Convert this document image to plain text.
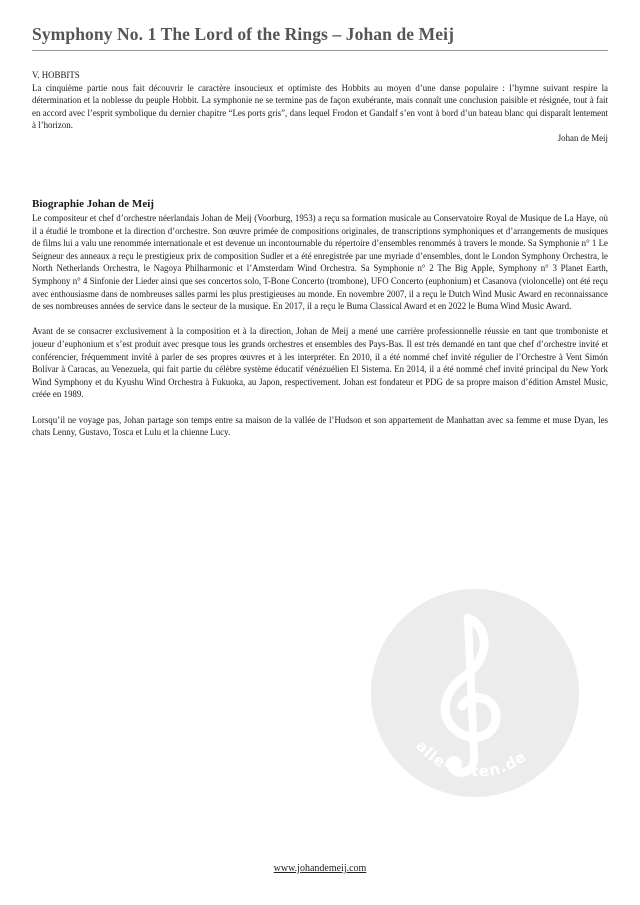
Symphony No. 1 The Lord of the Rings – Johan de Meij

V. HOBBITS

La cinquième partie nous fait découvrir le caractère insoucieux et optimiste des Hobbits au moyen d’une danse populaire : l’hymne suivant respire la détermination et la noblesse du peuple Hobbit. La symphonie ne se termine pas de façon exubérante, mais connaît une conclusion paisible et résignée, tout à fait en accord avec l’esprit symbolique du dernier chapitre “Les ports gris”, dans lequel Frodon et Gandalf s’en vont à bord d’un bateau blanc qui disparaît lentement à l’horizon.

Johan de Meij

Biographie Johan de Meij

Le compositeur et chef d’orchestre néerlandais Johan de Meij (Voorburg, 1953) a reçu sa formation musicale au Conservatoire Royal de Musique de La Haye, où il a étudié le trombone et la direction d’orchestre. Son œuvre primée de compositions originales, de transcriptions symphoniques et d’arrangements de musiques de films lui a valu une renommée internationale et est devenue un incontournable du répertoire d’ensembles renommés à travers le monde. Sa Symphonie n° 1 Le Seigneur des anneaux a reçu le prestigieux prix de composition Sudler et a été enregistrée par une myriade d’ensembles, dont le London Symphony Orchestra, le North Netherlands Orchestra, le Nagoya Philharmonic et l’Amsterdam Wind Orchestra. Sa Symphonie n° 2 The Big Apple, Symphony n° 3 Planet Earth, Symphony n° 4 Sinfonie der Lieder ainsi que ses concertos solo, T-Bone Concerto (trombone), UFO Concerto (euphonium) et Casanova (violoncelle) ont été reçu avec enthousiasme dans de nombreuses salles parmi les plus prestigieuses au monde. En novembre 2007, il a reçu le Dutch Wind Music Award en reconnaissance de ses nombreuses années de service dans le secteur de la musique. En 2017, il a reçu le Buma Classical Award et en 2022 le Buma Wind Music Award.

Avant de se consacrer exclusivement à la composition et à la direction, Johan de Meij a mené une carrière professionnelle réussie en tant que tromboniste et joueur d’euphonium et s’est produit avec presque tous les grands orchestres et ensembles des Pays-Bas. Il est très demandé en tant que chef d’orchestre invité et conférencier, fréquemment invité à parler de ses propres œuvres et à les interpréter. En 2010, il a été nommé chef invité régulier de l’Orchestre à Vent Simón Bolívar à Caracas, au Venezuela, qui fait partie du célèbre système éducatif vénézuélien El Sistema. En 2014, il a été nommé chef invité principal du New York Wind Symphony et du Kyushu Wind Orchestra à Fukuoka, au Japon, respectivement. Johan est fondateur et PDG de sa propre maison d’édition Amstel Music, créée en 1989.

Lorsqu’il ne voyage pas, Johan partage son temps entre sa maison de la vallée de l’Hudson et son appartement de Manhattan avec sa femme et muse Dyan, les chats Lenny, Gustavo, Tosca et Lulu et la chienne Lucy.

alle-noten.de
www.johandemeij.com
